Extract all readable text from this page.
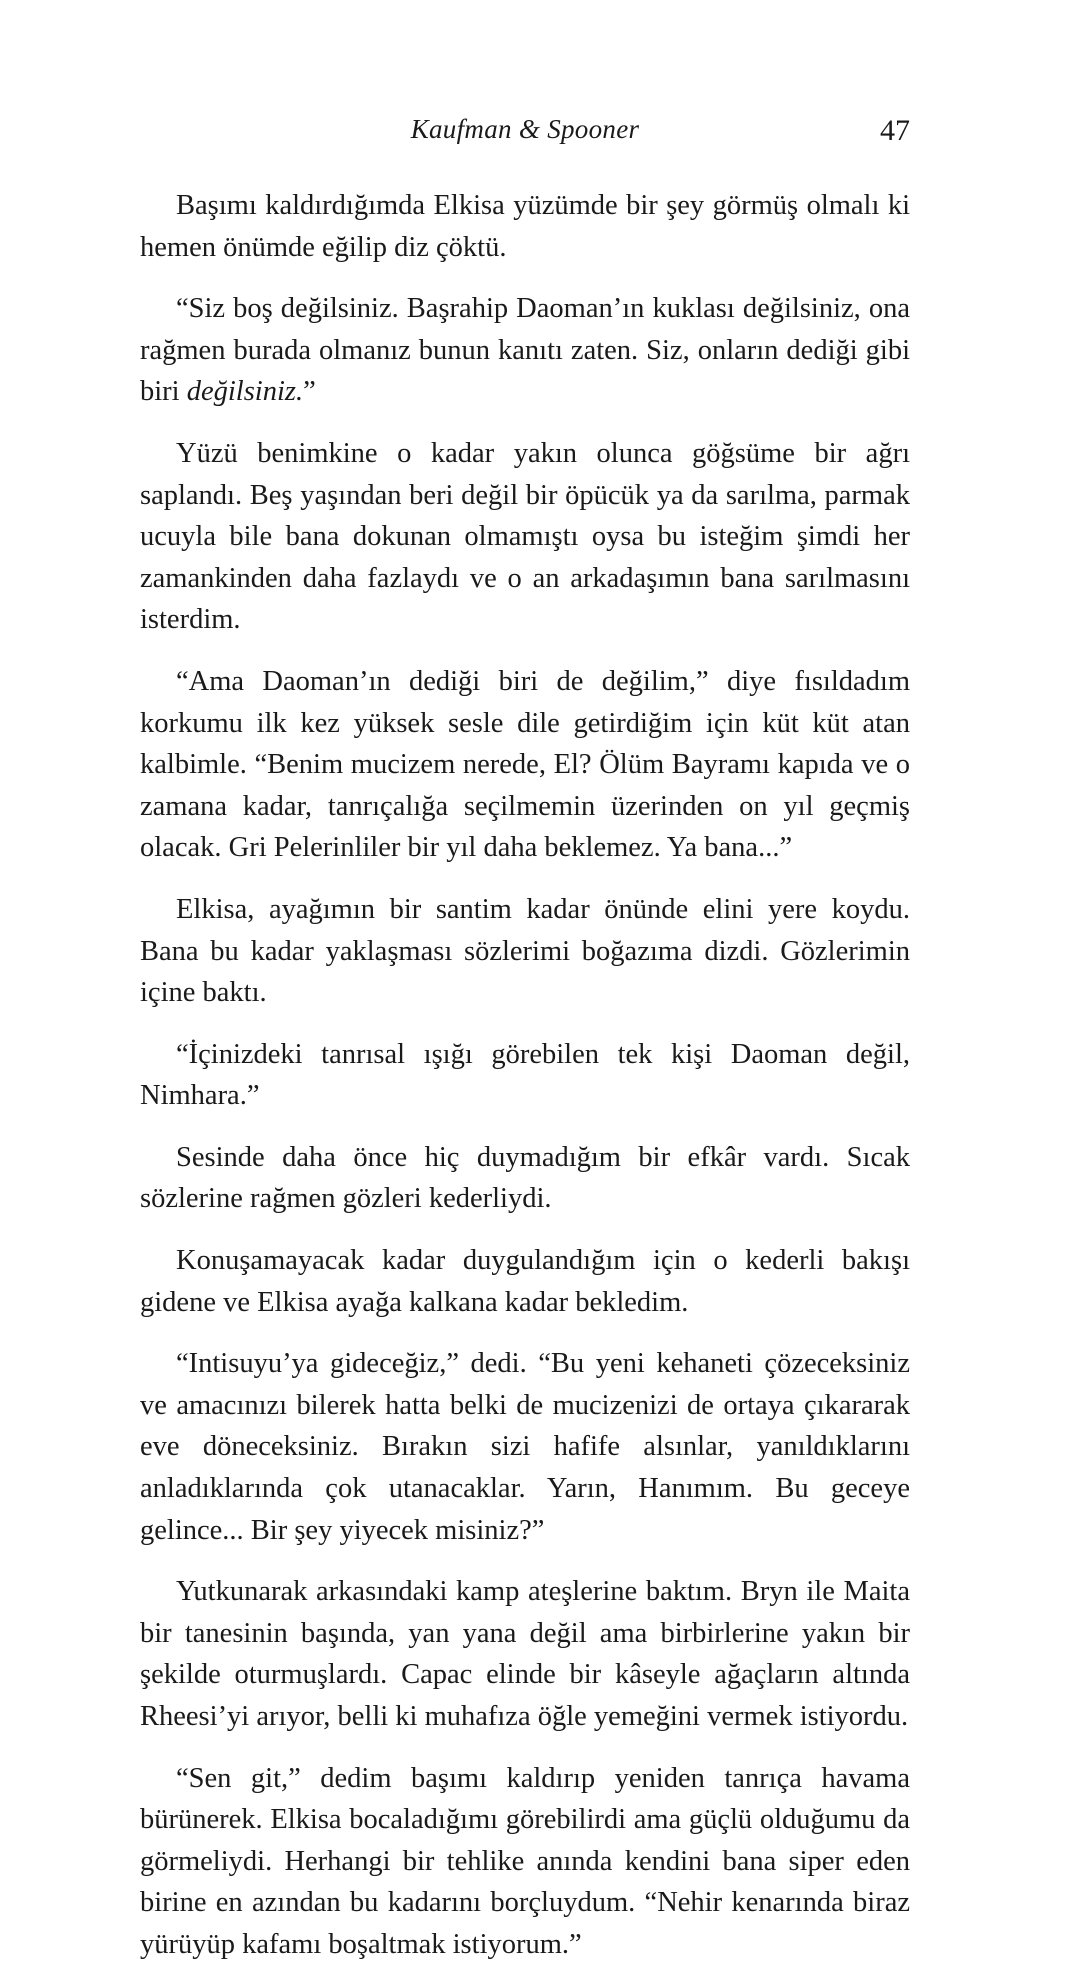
Kaufman & Spooner	47

Başımı kaldırdığımda Elkisa yüzümde bir şey görmüş olmalı ki hemen önümde eğilip diz çöktü.

“Siz boş değilsiniz. Başrahip Daoman’ın kuklası değilsiniz, ona rağmen burada olmanız bunun kanıtı zaten. Siz, onların dediği gibi biri değilsiniz.”

Yüzü benimkine o kadar yakın olunca göğsüme bir ağrı saplandı. Beş yaşından beri değil bir öpücük ya da sarılma, parmak ucuyla bile bana dokunan olmamıştı oysa bu isteğim şimdi her zamankinden daha fazlaydı ve o an arkadaşımın bana sarılmasını isterdim.

“Ama Daoman’ın dediği biri de değilim,” diye fısıldadım korkumu ilk kez yüksek sesle dile getirdiğim için küt küt atan kalbimle. “Benim mucizem nerede, El? Ölüm Bayramı kapıda ve o zamana kadar, tanrıçalığa seçilmemin üzerinden on yıl geçmiş olacak. Gri Pelerinliler bir yıl daha beklemez. Ya bana...”

Elkisa, ayağımın bir santim kadar önünde elini yere koydu. Bana bu kadar yaklaşması sözlerimi boğazıma dizdi. Gözlerimin içine baktı.

“İçinizdeki tanrısal ışığı görebilen tek kişi Daoman değil, Nimhara.”

Sesinde daha önce hiç duymadığım bir efkâr vardı. Sıcak sözlerine rağmen gözleri kederliydi.

Konuşamayacak kadar duygulandığım için o kederli bakışı gidene ve Elkisa ayağa kalkana kadar bekledim.

“Intisuyu’ya gideceğiz,” dedi. “Bu yeni kehaneti çözeceksiniz ve amacınızı bilerek hatta belki de mucizenizi de ortaya çıkararak eve döneceksiniz. Bırakın sizi hafife alsınlar, yanıldıklarını anladıklarında çok utanacaklar. Yarın, Hanımım. Bu geceye gelince... Bir şey yiyecek misiniz?”

Yutkunarak arkasındaki kamp ateşlerine baktım. Bryn ile Maita bir tanesinin başında, yan yana değil ama birbirlerine yakın bir şekilde oturmuşlardı. Capac elinde bir kâseyle ağaçların altında Rheesi’yi arıyor, belli ki muhafıza öğle yemeğini vermek istiyordu.

“Sen git,” dedim başımı kaldırıp yeniden tanrıça havama bürünerek. Elkisa bocaladığımı görebilirdi ama güçlü olduğumu da görmeliydi. Herhangi bir tehlike anında kendini bana siper eden birine en azından bu kadarını borçluydum. “Nehir kenarında biraz yürüyüp kafamı boşaltmak istiyorum.”
